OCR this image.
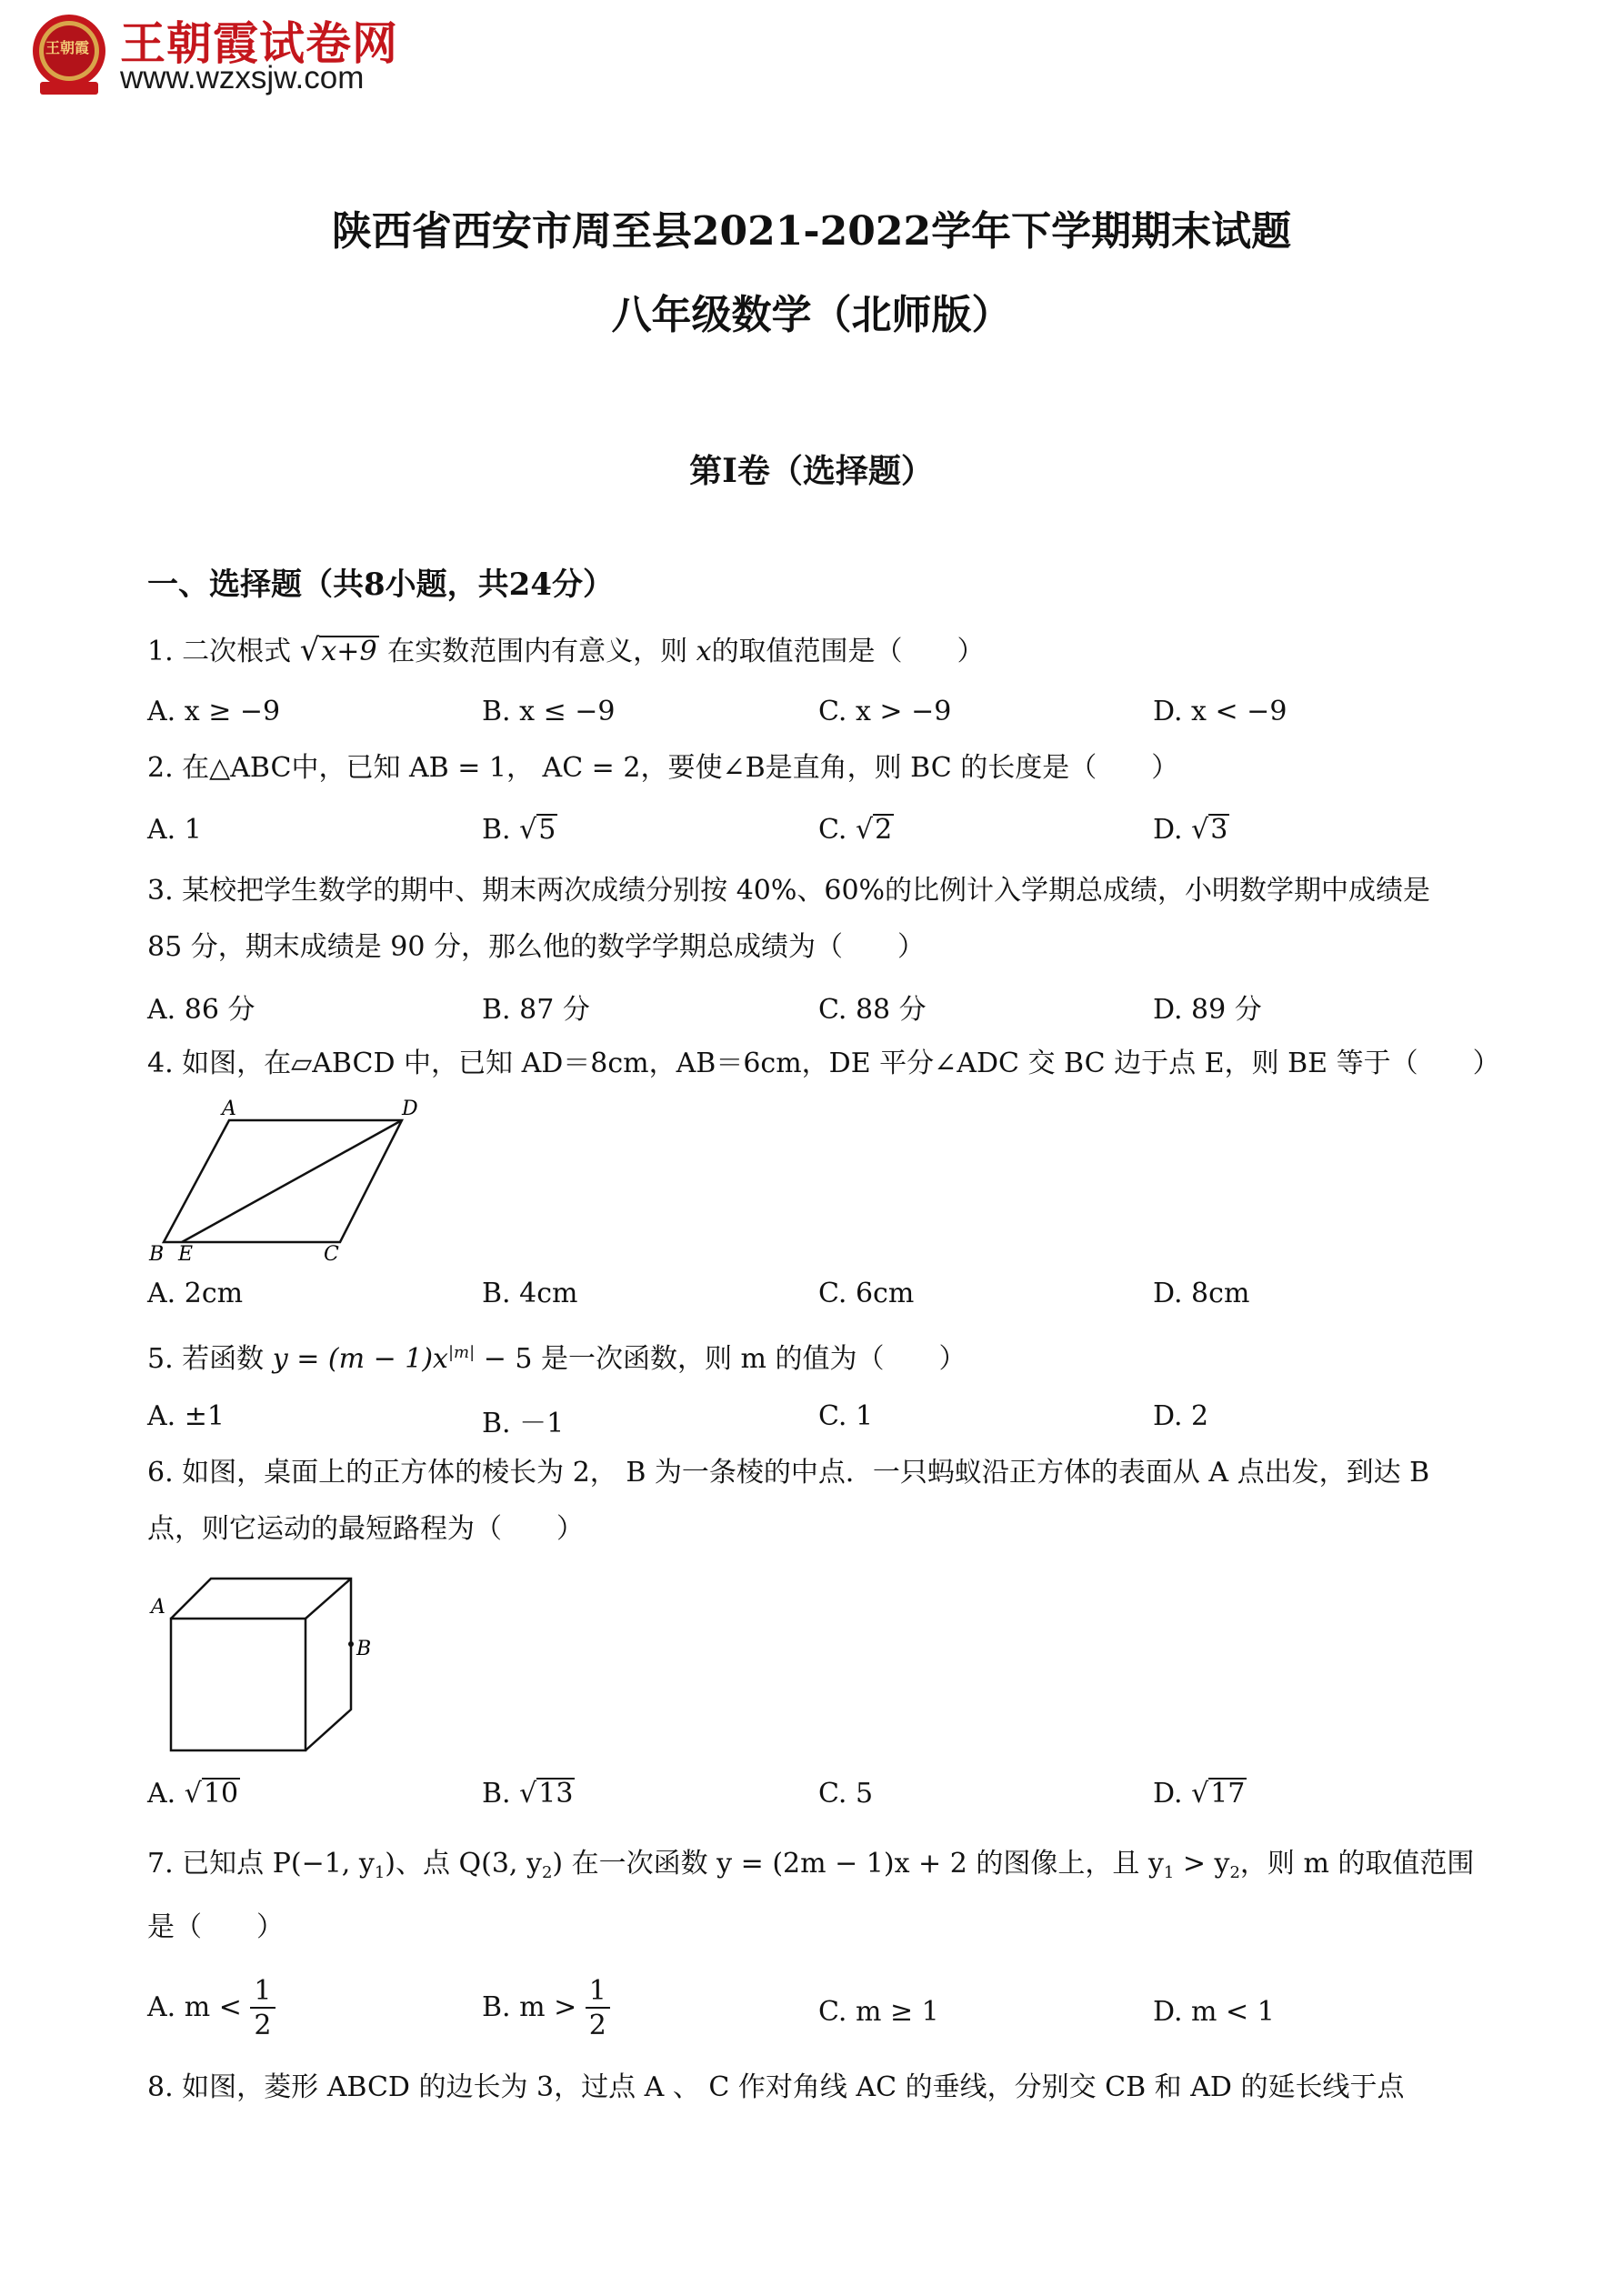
王朝霞 王朝霞试卷网
www.wzxsjw.com
陕西省西安市周至县2021-2022学年下学期期末试题
八年级数学（北师版）
第I卷（选择题）
一、选择题（共8小题，共24分）
1. 二次根式 √x+9 在实数范围内有意义，则 x的取值范围是（　　）
A. x ≥ −9	B. x ≤ −9	C. x > −9	D. x < −9
2. 在△ABC中，已知 AB = 1， AC = 2，要使∠B是直角，则 BC 的长度是（　　）
A. 1	B. √5	C. √2	D. √3
3. 某校把学生数学的期中、期末两次成绩分别按 40%、60%的比例计入学期总成绩，小明数学期中成绩是
85 分，期末成绩是 90 分，那么他的数学学期总成绩为（　　）
A. 86 分	B. 87 分	C. 88 分	D. 89 分
4. 如图，在▱ABCD 中，已知 AD＝8cm，AB＝6cm，DE 平分∠ADC 交 BC 边于点 E，则 BE 等于（　　）
A	D
B E	C
A. 2cm	B. 4cm	C. 6cm	D. 8cm
5. 若函数 $y = (m - 1)x^{|m|} - 5$ 是一次函数，则 m 的值为（　　）
A. ±1	B. －1	C. 1	D. 2
6. 如图，桌面上的正方体的棱长为 2， B 为一条棱的中点．一只蚂蚁沿正方体的表面从 A 点出发，到达 B
点，则它运动的最短路程为（　　）
A
B
A. √10	B. √13	C. 5	D. √17
7. 已知点 P(−1, $y_1$)、点 Q(3, $y_2$) 在一次函数 y = (2m − 1)x + 2 的图像上，且 $y_1 > y_2$，则 m 的取值范围
是（　　）
A. $m < \frac{1}{2}$	B. $m > \frac{1}{2}$	C. m ≥ 1	D. m < 1
8. 如图，菱形 ABCD 的边长为 3，过点 A 、 C 作对角线 AC 的垂线，分别交 CB 和 AD 的延长线于点
